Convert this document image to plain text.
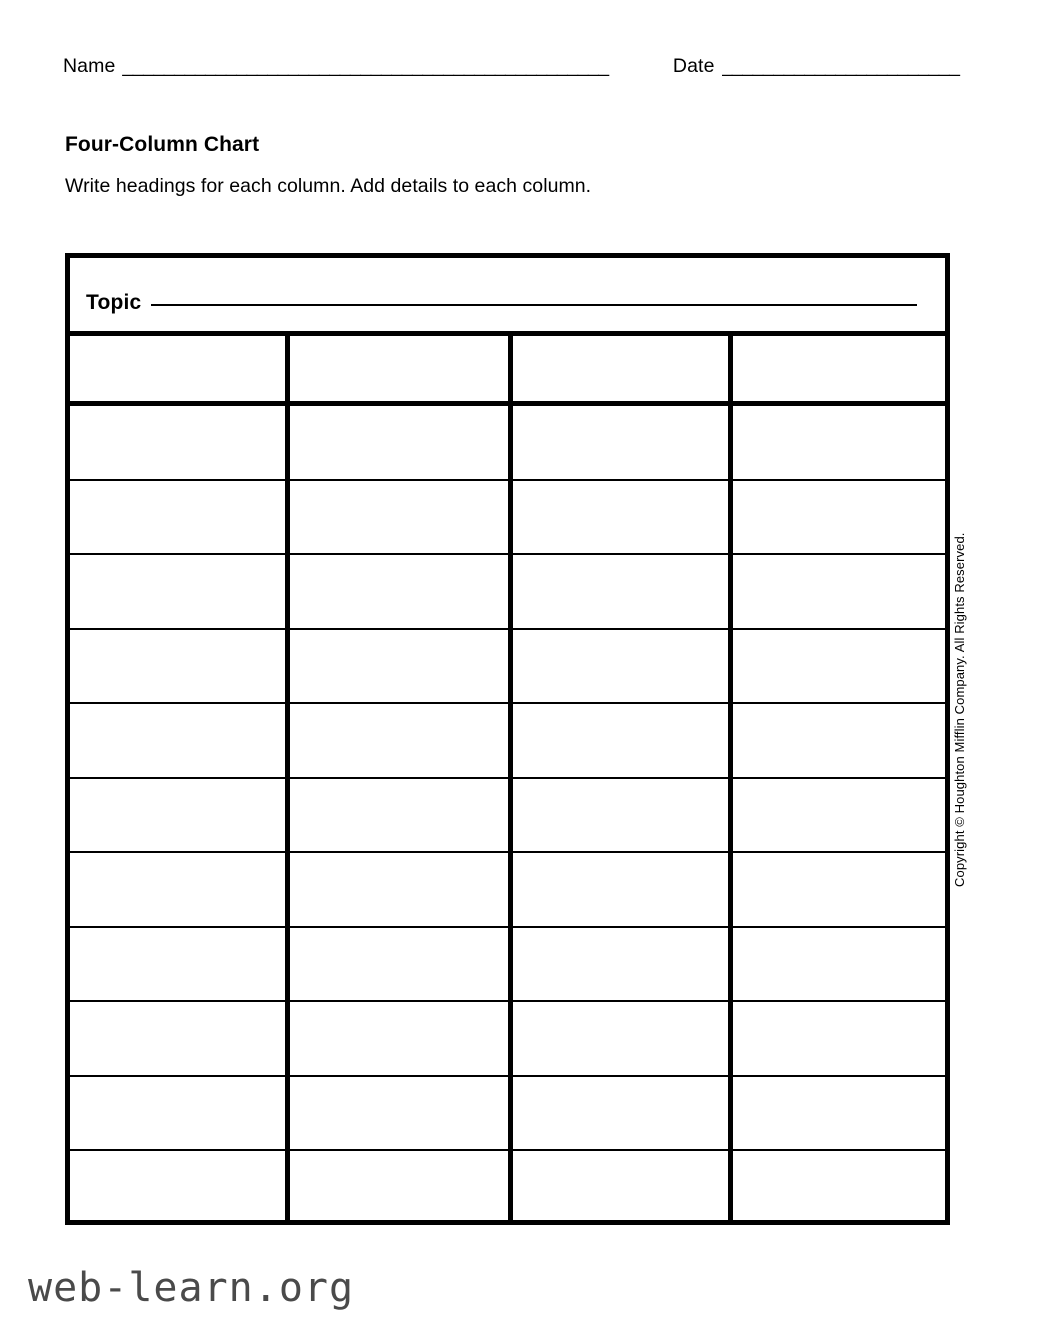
Name _______________________________________________	Date _______________________
Four-Column Chart
Write headings for each column. Add details to each column.
Topic
Copyright © Houghton Mifflin Company. All Rights Reserved.
web-learn.org
